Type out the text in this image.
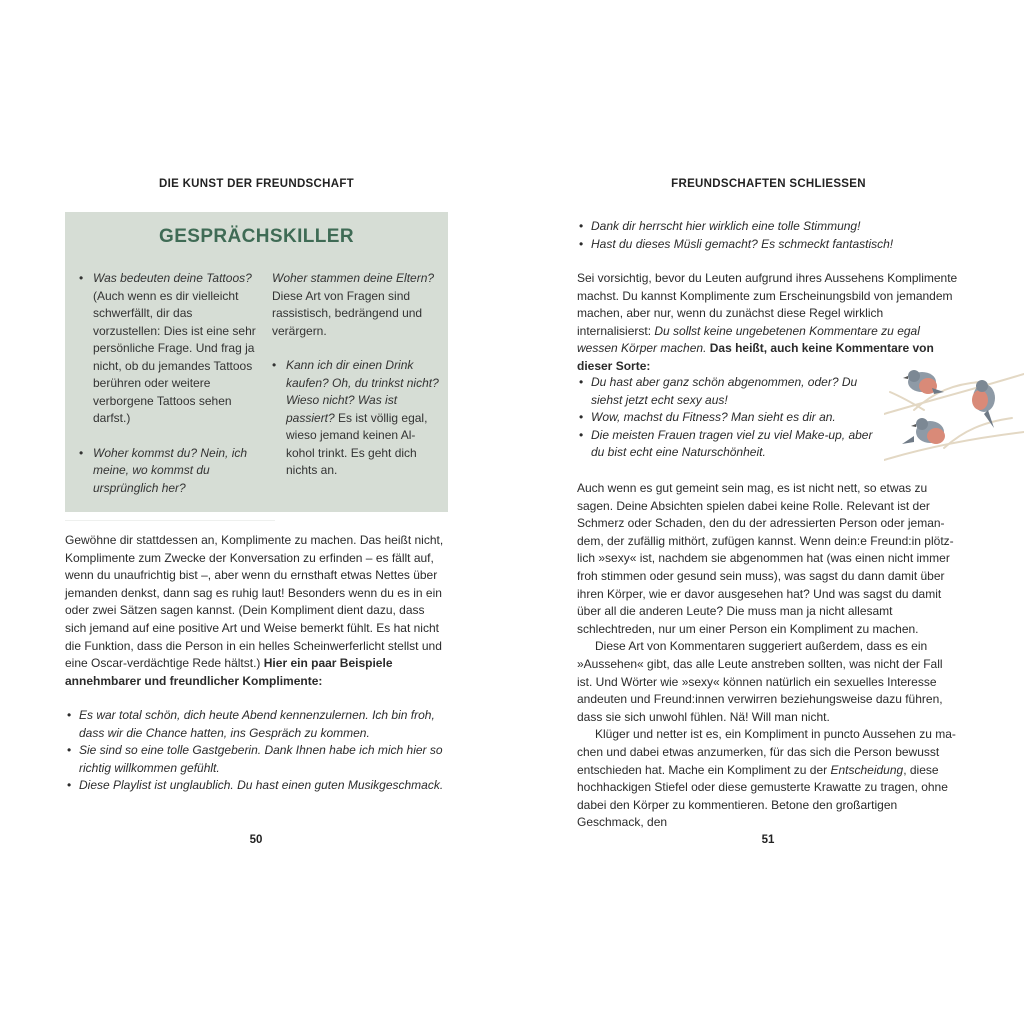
DIE KUNST DER FREUNDSCHAFT
GESPRÄCHSKILLER
• Was bedeuten deine Tattoos? (Auch wenn es dir vielleicht schwerfällt, dir das vorzustellen: Dies ist eine sehr persönliche Frage. Und frag ja nicht, ob du jemandes Tattoos berühren oder weitere verborgene Tattoos sehen darfst.)
• Woher kommst du? Nein, ich meine, wo kommst du ursprünglich her?
Woher stammen deine Eltern?
Diese Art von Fragen sind rassistisch, bedrängend und verärgern.
• Kann ich dir einen Drink kaufen? Oh, du trinkst nicht? Wieso nicht? Was ist passiert? Es ist völlig egal, wieso jemand keinen Alkohol trinkt. Es geht dich nichts an.
Gewöhne dir stattdessen an, Komplimente zu machen. Das heißt nicht, Komplimente zum Zwecke der Konversation zu erfinden – es fällt auf, wenn du unaufrichtig bist –, aber wenn du ernsthaft etwas Nettes über jemanden denkst, dann sag es ruhig laut! Besonders wenn du es in ein oder zwei Sätzen sagen kannst. (Dein Kompliment dient dazu, dass sich jemand auf eine positive Art und Weise bemerkt fühlt. Es hat nicht die Funktion, dass die Person in ein helles Scheinwerferlicht stellst und eine Oscar-verdächtige Rede hältst.) Hier ein paar Beispiele annehmbarer und freundlicher Komplimente:
• Es war total schön, dich heute Abend kennenzulernen. Ich bin froh, dass wir die Chance hatten, ins Gespräch zu kommen.
• Sie sind so eine tolle Gastgeberin. Dank Ihnen habe ich mich hier so richtig willkommen gefühlt.
• Diese Playlist ist unglaublich. Du hast einen guten Musikgeschmack.
50
FREUNDSCHAFTEN SCHLIESSEN
• Dank dir herrscht hier wirklich eine tolle Stimmung!
• Hast du dieses Müsli gemacht? Es schmeckt fantastisch!
Sei vorsichtig, bevor du Leuten aufgrund ihres Aussehens Komplimente machst. Du kannst Komplimente zum Erscheinungsbild von jemandem machen, aber nur, wenn du zunächst diese Regel wirklich internalisierst: Du sollst keine ungebetenen Kommentare zu egal wessen Körper machen. Das heißt, auch keine Kommentare von dieser Sorte:
• Du hast aber ganz schön abgenommen, oder? Du siehst jetzt echt sexy aus!
• Wow, machst du Fitness? Man sieht es dir an.
• Die meisten Frauen tragen viel zu viel Make-up, aber du bist echt eine Naturschönheit.
Auch wenn es gut gemeint sein mag, es ist nicht nett, so etwas zu sagen. Deine Absichten spielen dabei keine Rolle. Relevant ist der Schmerz oder Schaden, den du der adressierten Person oder jemandem, der zufällig mithört, zufügen kannst. Wenn dein:e Freund:in plötzlich »sexy« ist, nachdem sie abgenommen hat (was einen nicht immer froh stimmen oder gesund sein muss), was sagst du dann damit über ihren Körper, wie er davor ausgesehen hat? Und was sagst du damit über all die anderen Leute? Die muss man ja nicht allesamt schlechtreden, nur um einer Person ein Kompliment zu machen.
Diese Art von Kommentaren suggeriert außerdem, dass es ein »Aussehen« gibt, das alle Leute anstreben sollten, was nicht der Fall ist. Und Wörter wie »sexy« können natürlich ein sexuelles Interesse andeuten und Freund:innen verwirren beziehungsweise dazu führen, dass sie sich unwohl fühlen. Nä! Will man nicht.
Klüger und netter ist es, ein Kompliment in puncto Aussehen zu machen und dabei etwas anzumerken, für das sich die Person bewusst entschieden hat. Mache ein Kompliment zu der Entscheidung, diese hochhackigen Stiefel oder diese gemusterte Krawatte zu tragen, ohne dabei den Körper zu kommentieren. Betone den großartigen Geschmack, den
51
